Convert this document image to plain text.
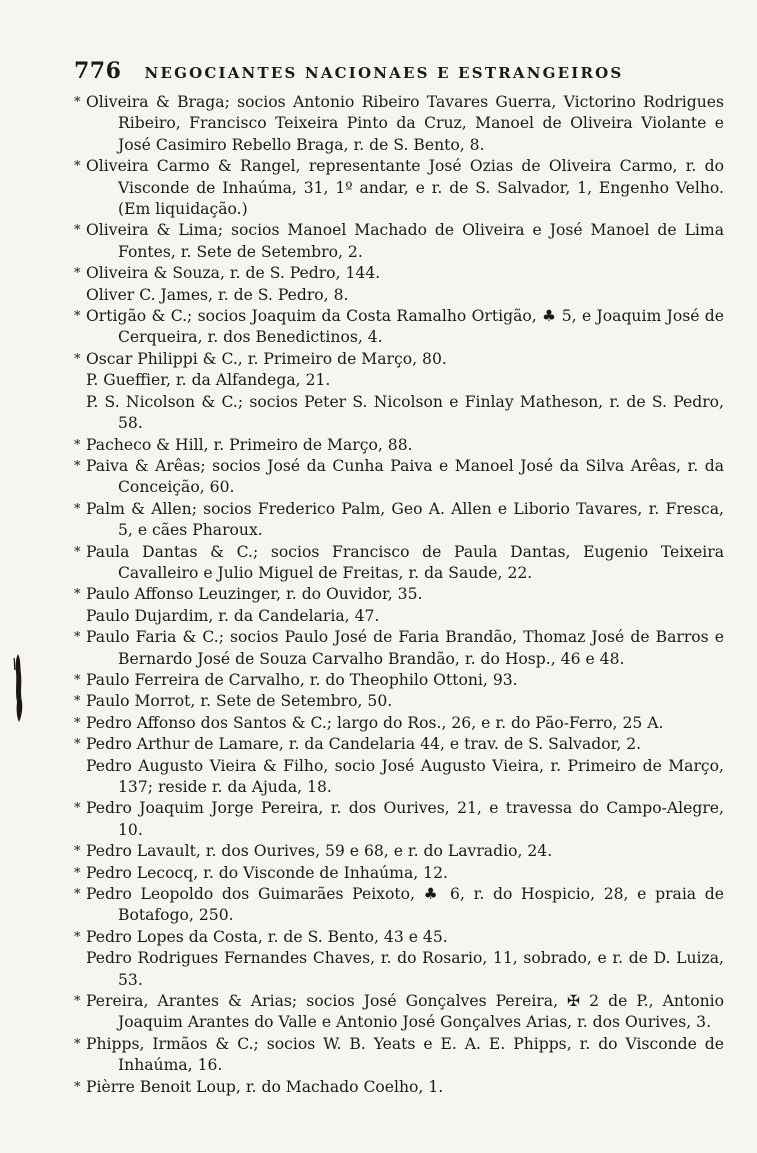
776 NEGOCIANTES NACIONAES E ESTRANGEIROS

* Oliveira & Braga; socios Antonio Ribeiro Tavares Guerra, Victorino Rodrigues Ribeiro, Francisco Teixeira Pinto da Cruz, Manoel de Oliveira Violante e José Casimiro Rebello Braga, r. de S. Bento, 8.

* Oliveira Carmo & Rangel, representante José Ozias de Oliveira Carmo, r. do Visconde de Inhaúma, 31, 1º andar, e r. de S. Salvador, 1, Engenho Velho. (Em liquidação.)

* Oliveira & Lima; socios Manoel Machado de Oliveira e José Manoel de Lima Fontes, r. Sete de Setembro, 2.

* Oliveira & Souza, r. de S. Pedro, 144.

Oliver C. James, r. de S. Pedro, 8.

* Ortigão & C.; socios Joaquim da Costa Ramalho Ortigão, ♣ 5, e Joaquim José de Cerqueira, r. dos Benedictinos, 4.

* Oscar Philippi & C., r. Primeiro de Março, 80.

P. Gueffier, r. da Alfandega, 21.

P. S. Nicolson & C.; socios Peter S. Nicolson e Finlay Matheson, r. de S. Pedro, 58.

* Pacheco & Hill, r. Primeiro de Março, 88.

* Paiva & Arêas; socios José da Cunha Paiva e Manoel José da Silva Arêas, r. da Conceição, 60.

* Palm & Allen; socios Frederico Palm, Geo A. Allen e Liborio Tavares, r. Fresca, 5, e cães Pharoux.

* Paula Dantas & C.; socios Francisco de Paula Dantas, Eugenio Teixeira Cavalleiro e Julio Miguel de Freitas, r. da Saude, 22.

* Paulo Affonso Leuzinger, r. do Ouvidor, 35.

Paulo Dujardim, r. da Candelaria, 47.

* Paulo Faria & C.; socios Paulo José de Faria Brandão, Thomaz José de Barros e Bernardo José de Souza Carvalho Brandão, r. do Hosp., 46 e 48.

* Paulo Ferreira de Carvalho, r. do Theophilo Ottoni, 93.

* Paulo Morrot, r. Sete de Setembro, 50.

* Pedro Affonso dos Santos & C.; largo do Ros., 26, e r. do Pão-Ferro, 25 A.

* Pedro Arthur de Lamare, r. da Candelaria 44, e trav. de S. Salvador, 2.

Pedro Augusto Vieira & Filho, socio José Augusto Vieira, r. Primeiro de Março, 137; reside r. da Ajuda, 18.

* Pedro Joaquim Jorge Pereira, r. dos Ourives, 21, e travessa do Campo-Alegre, 10.

* Pedro Lavault, r. dos Ourives, 59 e 68, e r. do Lavradio, 24.

* Pedro Lecocq, r. do Visconde de Inhaúma, 12.

* Pedro Leopoldo dos Guimarães Peixoto, ♣ 6, r. do Hospicio, 28, e praia de Botafogo, 250.

* Pedro Lopes da Costa, r. de S. Bento, 43 e 45.

Pedro Rodrigues Fernandes Chaves, r. do Rosario, 11, sobrado, e r. de D. Luiza, 53.

* Pereira, Arantes & Arias; socios José Gonçalves Pereira, ✠ 2 de P., Antonio Joaquim Arantes do Valle e Antonio José Gonçalves Arias, r. dos Ourives, 3.

* Phipps, Irmãos & C.; socios W. B. Yeats e E. A. E. Phipps, r. do Visconde de Inhaúma, 16.

* Pièrre Benoit Loup, r. do Machado Coelho, 1.
